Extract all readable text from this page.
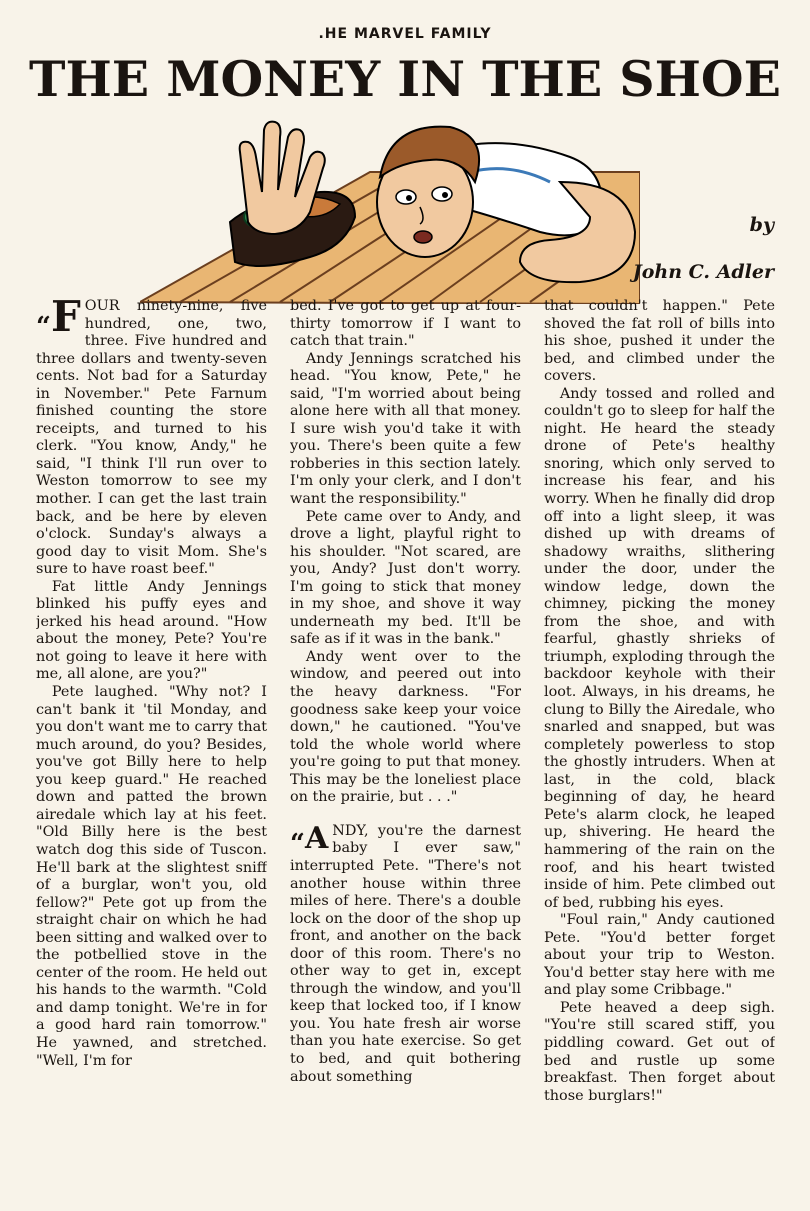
.HE MARVEL FAMILY
THE MONEY IN THE SHOE
by
John C. Adler

“F OUR ninety-nine, five hundred, one, two, three. Five hundred and three dollars and twenty-seven cents. Not bad for a Saturday in November." Pete Farnum finished counting the store receipts, and turned to his clerk. "You know, Andy," he said, "I think I'll run over to Weston tomorrow to see my mother. I can get the last train back, and be here by eleven o'clock. Sunday's always a good day to visit Mom. She's sure to have roast beef."

Fat little Andy Jennings blinked his puffy eyes and jerked his head around. "How about the money, Pete? You're not going to leave it here with me, all alone, are you?"

Pete laughed. "Why not? I can't bank it 'til Monday, and you don't want me to carry that much around, do you? Besides, you've got Billy here to help you keep guard." He reached down and patted the brown airedale which lay at his feet. "Old Billy here is the best watch dog this side of Tuscon. He'll bark at the slightest sniff of a burglar, won't you, old fellow?" Pete got up from the straight chair on which he had been sitting and walked over to the potbellied stove in the center of the room. He held out his hands to the warmth. "Cold and damp tonight. We're in for a good hard rain tomorrow." He yawned, and stretched. "Well, I'm for

bed. I've got to get up at four-thirty tomorrow if I want to catch that train."

Andy Jennings scratched his head. "You know, Pete," he said, "I'm worried about being alone here with all that money. I sure wish you'd take it with you. There's been quite a few robberies in this section lately. I'm only your clerk, and I don't want the responsibility."

Pete came over to Andy, and drove a light, playful right to his shoulder. "Not scared, are you, Andy? Just don't worry. I'm going to stick that money in my shoe, and shove it way underneath my bed. It'll be safe as if it was in the bank."

Andy went over to the window, and peered out into the heavy darkness. "For goodness sake keep your voice down," he cautioned. "You've told the whole world where you're going to put that money. This may be the loneliest place on the prairie, but . . ."

“A NDY, you're the darnest baby I ever saw," interrupted Pete. "There's not another house within three miles of here. There's a double lock on the door of the shop up front, and another on the back door of this room. There's no other way to get in, except through the window, and you'll keep that locked too, if I know you. You hate fresh air worse than you hate exercise. So get to bed, and quit bothering about something

that couldn't happen." Pete shoved the fat roll of bills into his shoe, pushed it under the bed, and climbed under the covers.

Andy tossed and rolled and couldn't go to sleep for half the night. He heard the steady drone of Pete's healthy snoring, which only served to increase his fear, and his worry. When he finally did drop off into a light sleep, it was dished up with dreams of shadowy wraiths, slithering under the door, under the window ledge, down the chimney, picking the money from the shoe, and with fearful, ghastly shrieks of triumph, exploding through the backdoor keyhole with their loot. Always, in his dreams, he clung to Billy the Airedale, who snarled and snapped, but was completely powerless to stop the ghostly intruders. When at last, in the cold, black beginning of day, he heard Pete's alarm clock, he leaped up, shivering. He heard the hammering of the rain on the roof, and his heart twisted inside of him. Pete climbed out of bed, rubbing his eyes.

"Foul rain," Andy cautioned Pete. "You'd better forget about your trip to Weston. You'd better stay here with me and play some Cribbage."

Pete heaved a deep sigh. "You're still scared stiff, you piddling coward. Get out of bed and rustle up some breakfast. Then forget about those burglars!"
